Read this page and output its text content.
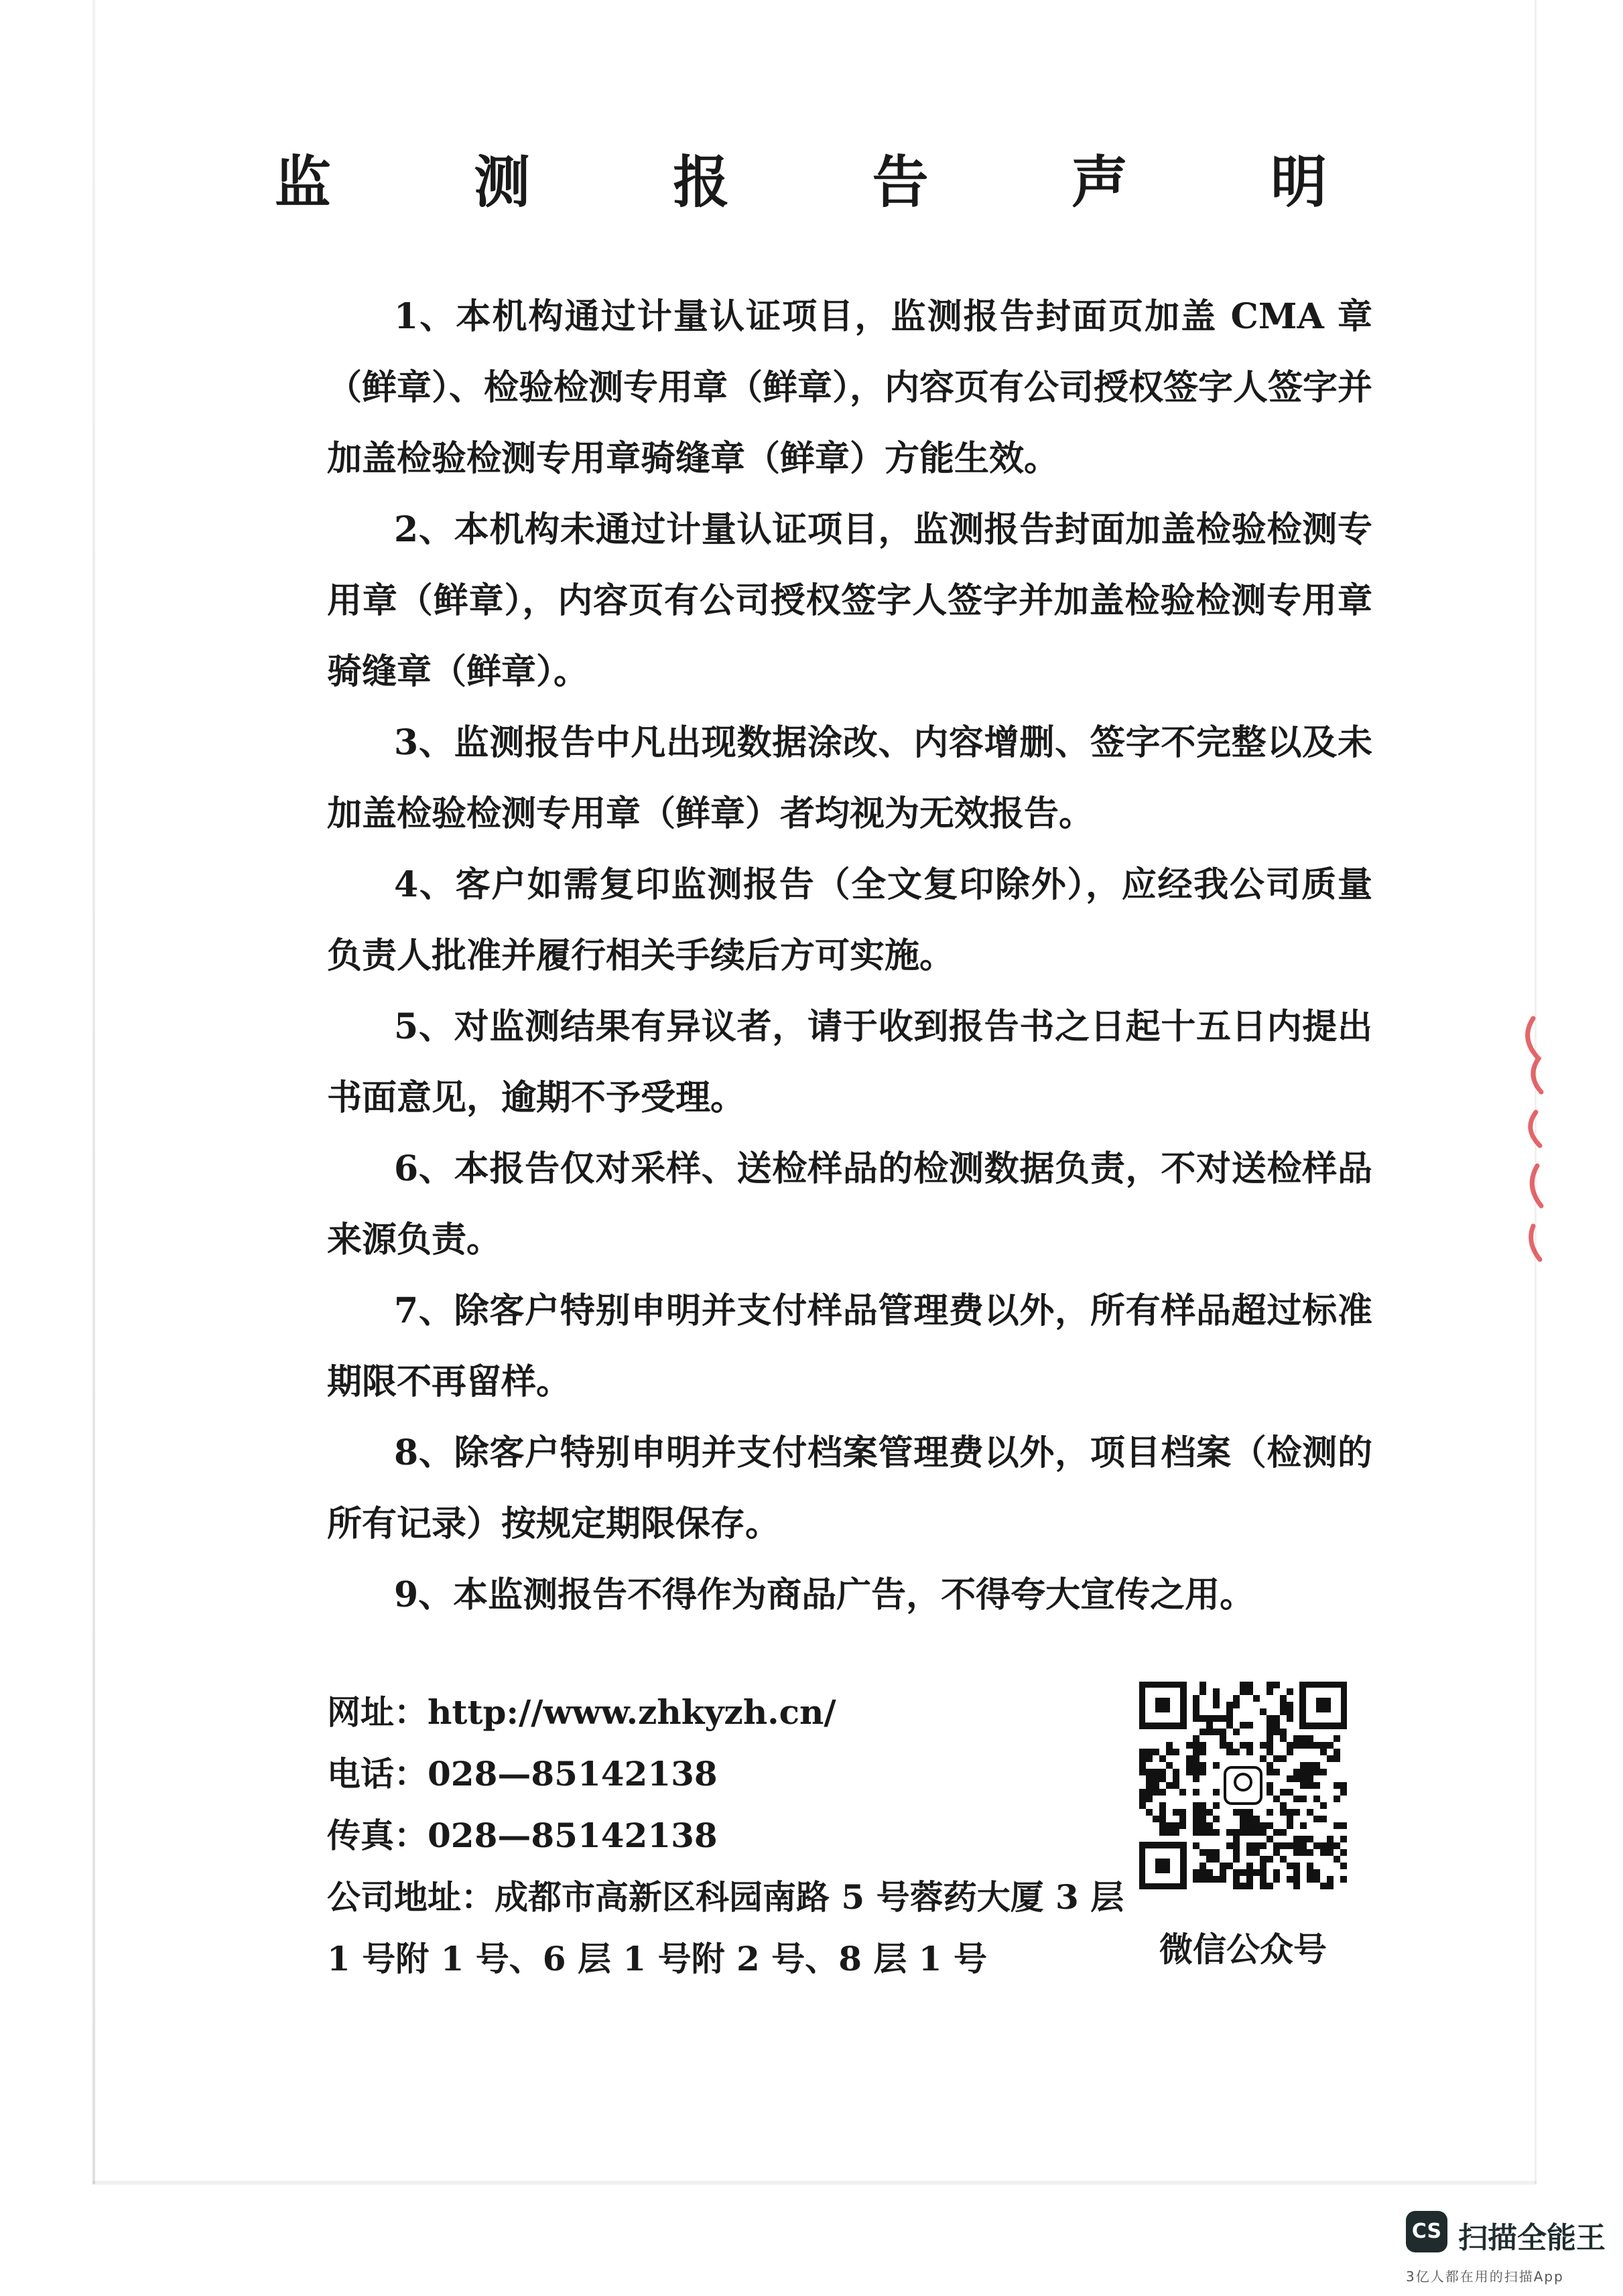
监 测 报 告 声 明

1、本机构通过计量认证项目，监测报告封面页加盖 CMA 章（鲜章）、检验检测专用章（鲜章），内容页有公司授权签字人签字并加盖检验检测专用章骑缝章（鲜章）方能生效。

2、本机构未通过计量认证项目，监测报告封面加盖检验检测专用章（鲜章），内容页有公司授权签字人签字并加盖检验检测专用章骑缝章（鲜章）。

3、监测报告中凡出现数据涂改、内容增删、签字不完整以及未加盖检验检测专用章（鲜章）者均视为无效报告。

4、客户如需复印监测报告（全文复印除外），应经我公司质量负责人批准并履行相关手续后方可实施。

5、对监测结果有异议者，请于收到报告书之日起十五日内提出书面意见，逾期不予受理。

6、本报告仅对采样、送检样品的检测数据负责，不对送检样品来源负责。

7、除客户特别申明并支付样品管理费以外，所有样品超过标准期限不再留样。

8、除客户特别申明并支付档案管理费以外，项目档案（检测的所有记录）按规定期限保存。

9、本监测报告不得作为商品广告，不得夸大宣传之用。

网址：http://www.zhkyzh.cn/
电话：028—85142138
传真：028—85142138
公司地址：成都市高新区科园南路 5 号蓉药大厦 3 层 1 号附 1 号、6 层 1 号附 2 号、8 层 1 号	微信公众号
CS 扫描全能王
3亿人都在用的扫描App
